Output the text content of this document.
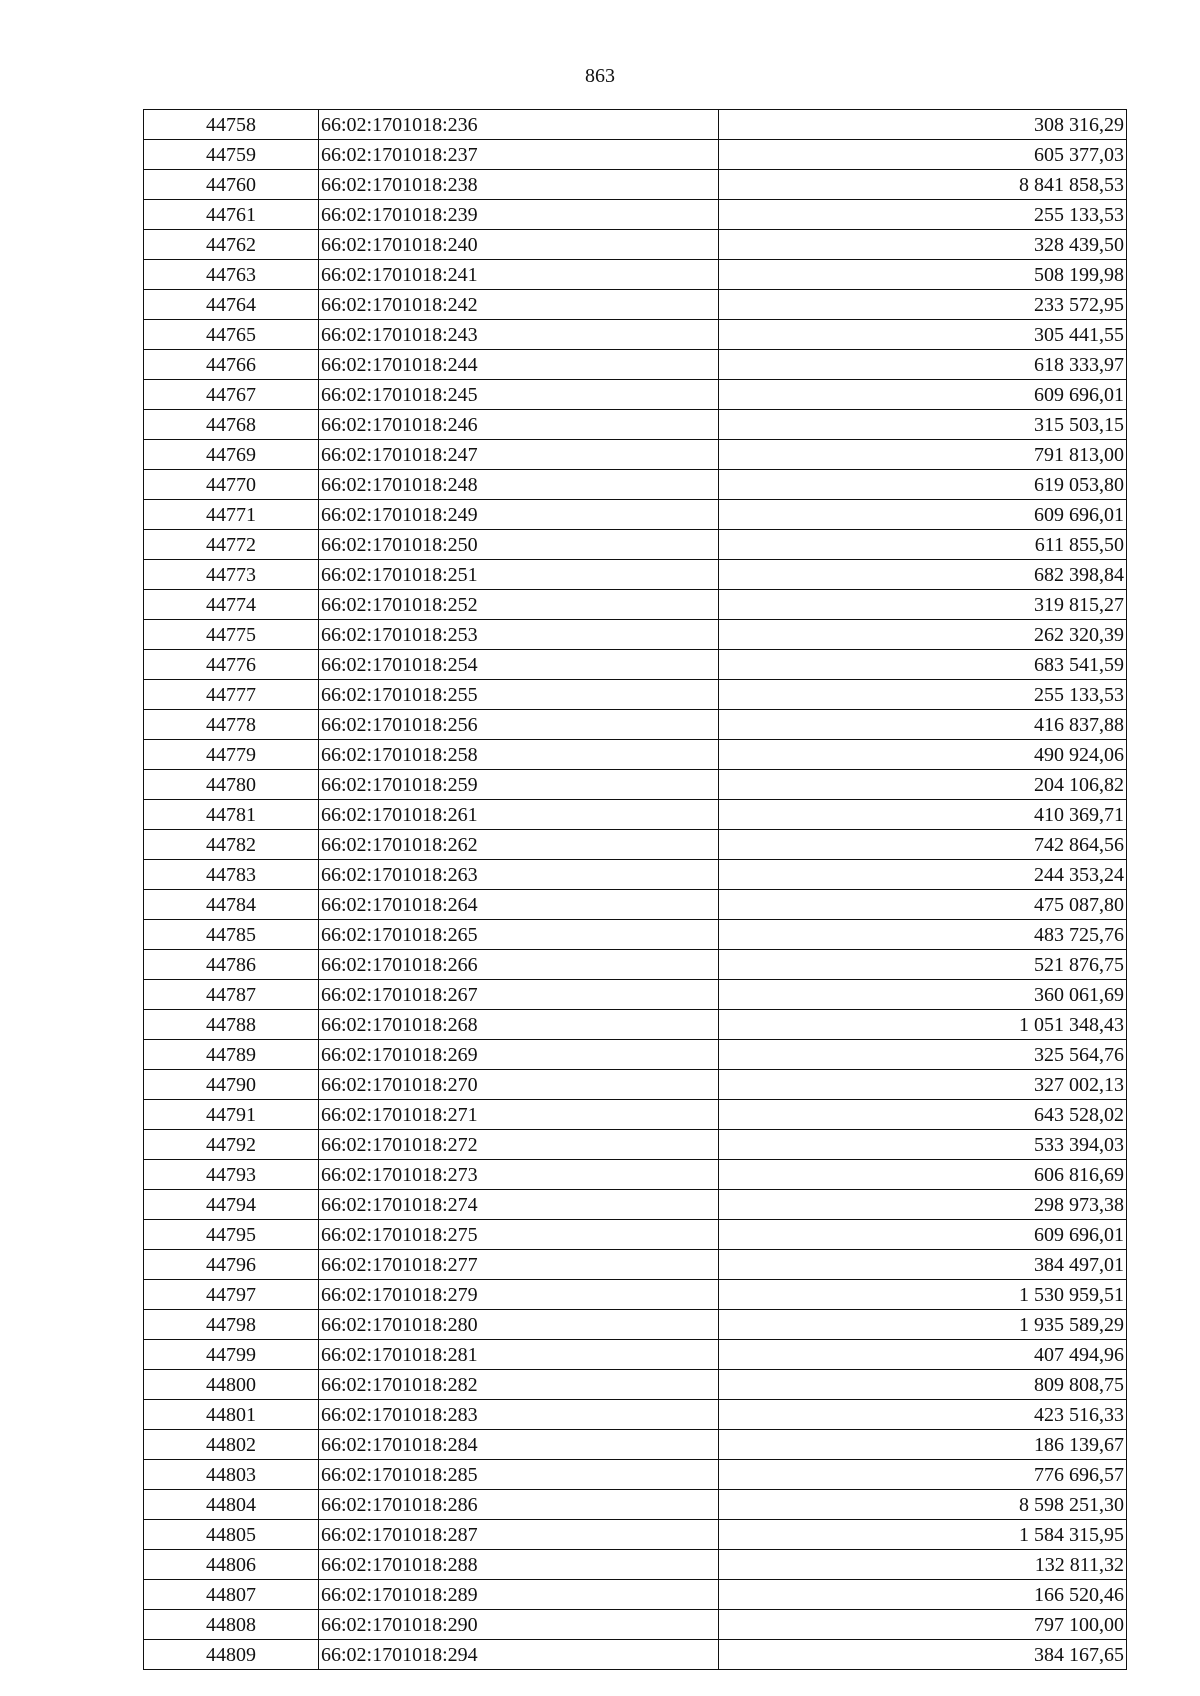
863
44758	66:02:1701018:236	308 316,29
44759	66:02:1701018:237	605 377,03
44760	66:02:1701018:238	8 841 858,53
44761	66:02:1701018:239	255 133,53
44762	66:02:1701018:240	328 439,50
44763	66:02:1701018:241	508 199,98
44764	66:02:1701018:242	233 572,95
44765	66:02:1701018:243	305 441,55
44766	66:02:1701018:244	618 333,97
44767	66:02:1701018:245	609 696,01
44768	66:02:1701018:246	315 503,15
44769	66:02:1701018:247	791 813,00
44770	66:02:1701018:248	619 053,80
44771	66:02:1701018:249	609 696,01
44772	66:02:1701018:250	611 855,50
44773	66:02:1701018:251	682 398,84
44774	66:02:1701018:252	319 815,27
44775	66:02:1701018:253	262 320,39
44776	66:02:1701018:254	683 541,59
44777	66:02:1701018:255	255 133,53
44778	66:02:1701018:256	416 837,88
44779	66:02:1701018:258	490 924,06
44780	66:02:1701018:259	204 106,82
44781	66:02:1701018:261	410 369,71
44782	66:02:1701018:262	742 864,56
44783	66:02:1701018:263	244 353,24
44784	66:02:1701018:264	475 087,80
44785	66:02:1701018:265	483 725,76
44786	66:02:1701018:266	521 876,75
44787	66:02:1701018:267	360 061,69
44788	66:02:1701018:268	1 051 348,43
44789	66:02:1701018:269	325 564,76
44790	66:02:1701018:270	327 002,13
44791	66:02:1701018:271	643 528,02
44792	66:02:1701018:272	533 394,03
44793	66:02:1701018:273	606 816,69
44794	66:02:1701018:274	298 973,38
44795	66:02:1701018:275	609 696,01
44796	66:02:1701018:277	384 497,01
44797	66:02:1701018:279	1 530 959,51
44798	66:02:1701018:280	1 935 589,29
44799	66:02:1701018:281	407 494,96
44800	66:02:1701018:282	809 808,75
44801	66:02:1701018:283	423 516,33
44802	66:02:1701018:284	186 139,67
44803	66:02:1701018:285	776 696,57
44804	66:02:1701018:286	8 598 251,30
44805	66:02:1701018:287	1 584 315,95
44806	66:02:1701018:288	132 811,32
44807	66:02:1701018:289	166 520,46
44808	66:02:1701018:290	797 100,00
44809	66:02:1701018:294	384 167,65
